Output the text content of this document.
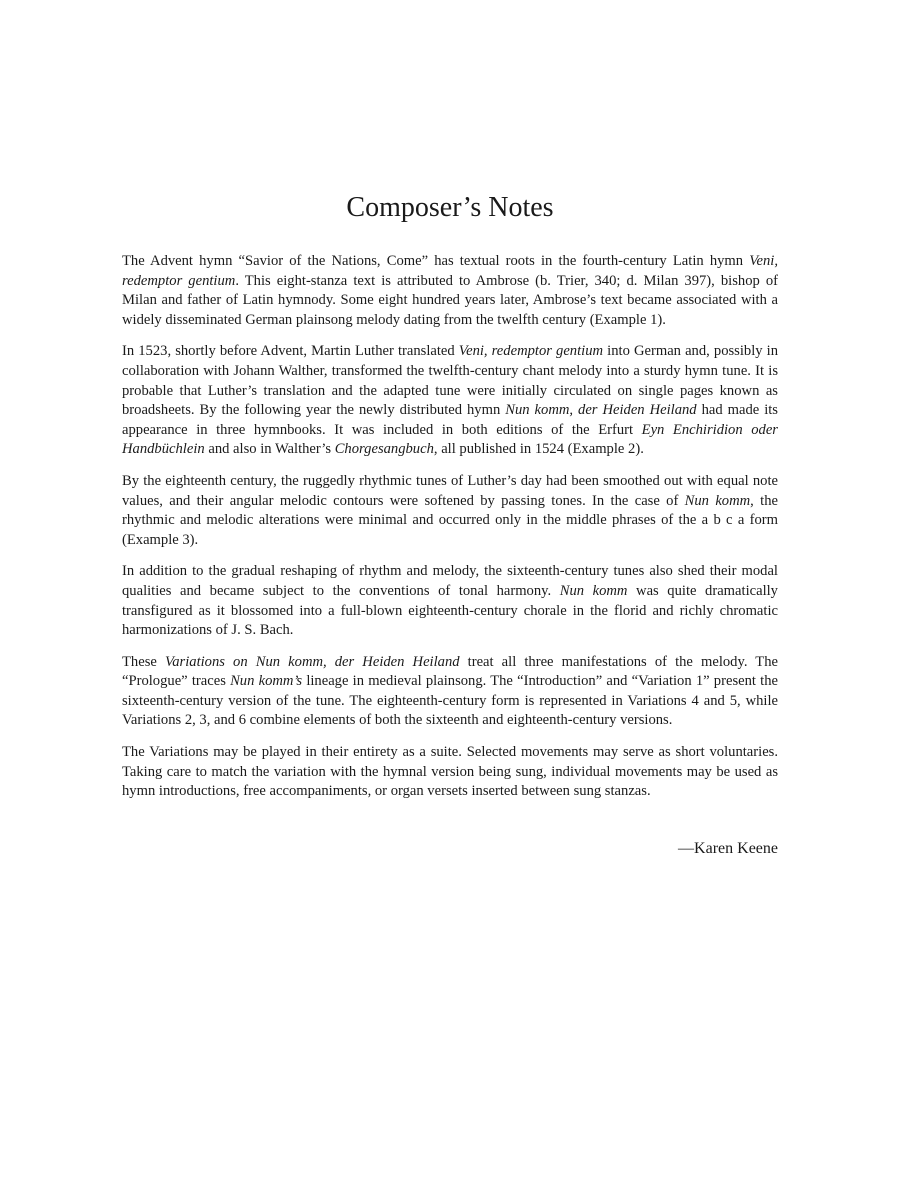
Composer’s Notes

The Advent hymn “Savior of the Nations, Come” has textual roots in the fourth-century Latin hymn Veni, redemptor gentium. This eight-stanza text is attributed to Ambrose (b. Trier, 340; d. Milan 397), bishop of Milan and father of Latin hymnody. Some eight hundred years later, Ambrose’s text became associated with a widely disseminated German plainsong melody dating from the twelfth century (Example 1).

In 1523, shortly before Advent, Martin Luther translated Veni, redemptor gentium into German and, possibly in collaboration with Johann Walther, transformed the twelfth-century chant melody into a sturdy hymn tune. It is probable that Luther’s translation and the adapted tune were initially circulated on single pages known as broadsheets. By the following year the newly distributed hymn Nun komm, der Heiden Heiland had made its appearance in three hymnbooks. It was included in both editions of the Erfurt Eyn Enchiridion oder Handbüchlein and also in Walther’s Chorgesangbuch, all published in 1524 (Example 2).

By the eighteenth century, the ruggedly rhythmic tunes of Luther’s day had been smoothed out with equal note values, and their angular melodic contours were softened by passing tones. In the case of Nun komm, the rhythmic and melodic alterations were minimal and occurred only in the middle phrases of the a b c a form (Example 3).

In addition to the gradual reshaping of rhythm and melody, the sixteenth-century tunes also shed their modal qualities and became subject to the conventions of tonal harmony. Nun komm was quite dramatically transfigured as it blossomed into a full-blown eighteenth-century chorale in the florid and richly chromatic harmonizations of J. S. Bach.

These Variations on Nun komm, der Heiden Heiland treat all three manifestations of the melody. The “Prologue” traces Nun komm’s lineage in medieval plainsong. The “Introduction” and “Variation 1” present the sixteenth-century version of the tune. The eighteenth-century form is represented in Variations 4 and 5, while Variations 2, 3, and 6 combine elements of both the sixteenth and eighteenth-century versions.

The Variations may be played in their entirety as a suite. Selected movements may serve as short voluntaries. Taking care to match the variation with the hymnal version being sung, individual movements may be used as hymn introductions, free accompaniments, or organ versets inserted between sung stanzas.

—Karen Keene
